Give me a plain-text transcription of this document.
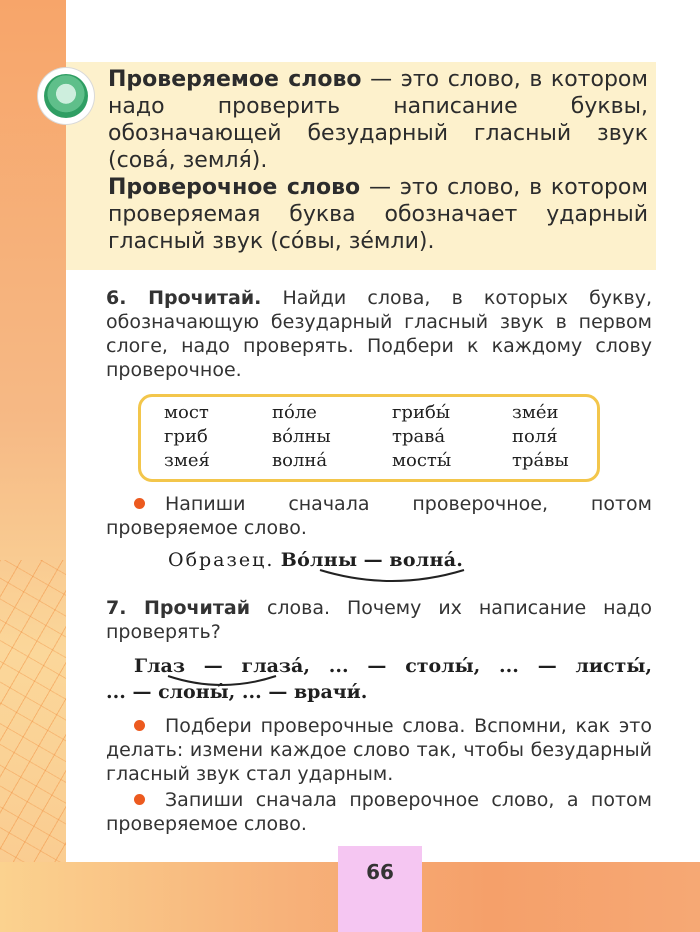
Проверяемое слово — это слово, в котором надо проверить написание буквы, обозначающей безударный гласный звук (сова́, земля́).

Проверочное слово — это слово, в котором проверяемая буква обозначает ударный гласный звук (со́вы, зе́мли).

6. Прочитай. Найди слова, в которых букву, обозначающую безударный гласный звук в первом слоге, надо проверять. Подбери к каждому слову проверочное.
мост	по́ле	грибы́	зме́и
гриб	во́лны	трава́	поля́
змея́	волна́	мосты́	тра́вы
Напиши сначала проверочное, потом проверяемое слово.
Образец. Во́лны — волна́.
7. Прочитай слова. Почему их написание надо проверять?
Глаз — глаза́, ... — столы́, ... — листы́,
... — слоны́, ... — врачи́.
Подбери проверочные слова. Вспомни, как это делать: измени каждое слово так, чтобы безударный гласный звук стал ударным.
Запиши сначала проверочное слово, а потом проверяемое слово.
66
